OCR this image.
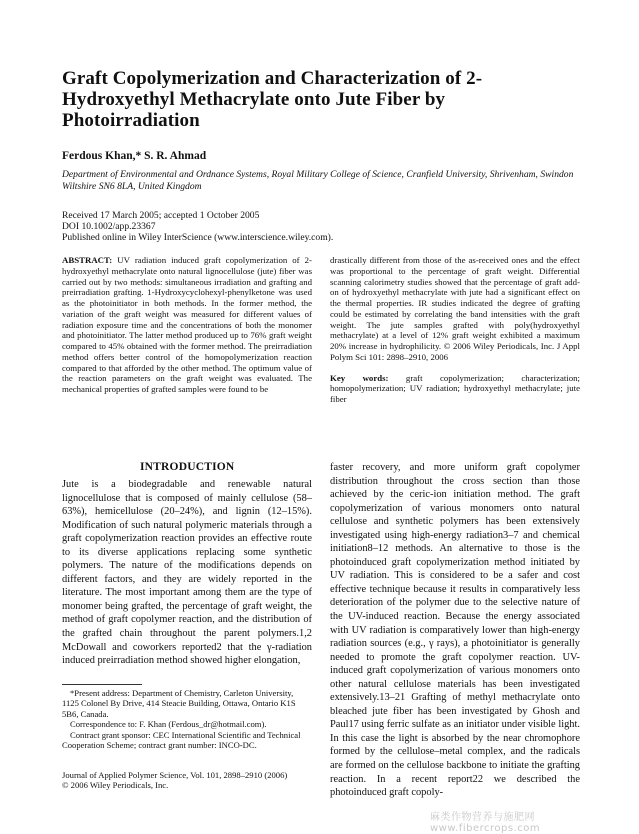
Graft Copolymerization and Characterization of 2-Hydroxyethyl Methacrylate onto Jute Fiber by Photoirradiation
Ferdous Khan,* S. R. Ahmad
Department of Environmental and Ordnance Systems, Royal Military College of Science, Cranfield University, Shrivenham, Swindon Wiltshire SN6 8LA, United Kingdom
Received 17 March 2005; accepted 1 October 2005
DOI 10.1002/app.23367
Published online in Wiley InterScience (www.interscience.wiley.com).
ABSTRACT: UV radiation induced graft copolymerization of 2-hydroxyethyl methacrylate onto natural lignocellulose (jute) fiber was carried out by two methods: simultaneous irradiation and grafting and preirradiation grafting. 1-Hydroxycyclohexyl-phenylketone was used as the photoinitiator in both methods. In the former method, the variation of the graft weight was measured for different values of radiation exposure time and the concentrations of both the monomer and photoinitiator. The latter method produced up to 76% graft weight compared to 45% obtained with the former method. The preirradiation method offers better control of the homopolymerization reaction compared to that afforded by the other method. The optimum value of the reaction parameters on the graft weight was evaluated. The mechanical properties of grafted samples were found to be

drastically different from those of the as-received ones and the effect was proportional to the percentage of graft weight. Differential scanning calorimetry studies showed that the percentage of graft add-on of hydroxyethyl methacrylate with jute had a significant effect on the thermal properties. IR studies indicated the degree of grafting could be estimated by correlating the band intensities with the graft weight. The jute samples grafted with poly(hydroxyethyl methacrylate) at a level of 12% graft weight exhibited a maximum 20% increase in hydrophilicity. © 2006 Wiley Periodicals, Inc. J Appl Polym Sci 101: 2898–2910, 2006

Key words: graft copolymerization; characterization; homopolymerization; UV radiation; hydroxyethyl methacrylate; jute fiber

INTRODUCTION
Jute is a biodegradable and renewable natural lignocellulose that is composed of mainly cellulose (58–63%), hemicellulose (20–24%), and lignin (12–15%). Modification of such natural polymeric materials through a graft copolymerization reaction provides an effective route to its diverse applications replacing some synthetic polymers. The nature of the modifications depends on different factors, and they are widely reported in the literature. The most important among them are the type of monomer being grafted, the percentage of graft weight, the method of graft copolymer reaction, and the distribution of the grafted chain throughout the parent polymers.1,2 McDowall and coworkers reported2 that the γ-radiation induced preirradiation method showed higher elongation,
faster recovery, and more uniform graft copolymer distribution throughout the cross section than those achieved by the ceric-ion initiation method. The graft copolymerization of various monomers onto natural cellulose and synthetic polymers has been extensively investigated using high-energy radiation3–7 and chemical initiation8–12 methods. An alternative to those is the photoinduced graft copolymerization method initiated by UV radiation. This is considered to be a safer and cost effective technique because it results in comparatively less deterioration of the polymer due to the selective nature of the UV-induced reaction. Because the energy associated with UV radiation is comparatively lower than high-energy radiation sources (e.g., γ rays), a photoinitiator is generally needed to promote the graft copolymer reaction. UV-induced graft copolymerization of various monomers onto other natural cellulose materials has been investigated extensively.13–21 Grafting of methyl methacrylate onto bleached jute fiber has been investigated by Ghosh and Paul17 using ferric sulfate as an initiator under visible light. In this case the light is absorbed by the near chromophore formed by the cellulose–metal complex, and the radicals are formed on the cellulose backbone to initiate the grafting reaction. In a recent report22 we described the photoinduced graft copoly-
*Present address: Department of Chemistry, Carleton University, 1125 Colonel By Drive, 414 Steacie Building, Ottawa, Ontario K1S 5B6, Canada.
Correspondence to: F. Khan (Ferdous_dr@hotmail.com).
Contract grant sponsor: CEC International Scientific and Technical Cooperation Scheme; contract grant number: INCO-DC.
Journal of Applied Polymer Science, Vol. 101, 2898–2910 (2006)
© 2006 Wiley Periodicals, Inc.
麻类作物营养与施肥网 www.fibercrops.com
